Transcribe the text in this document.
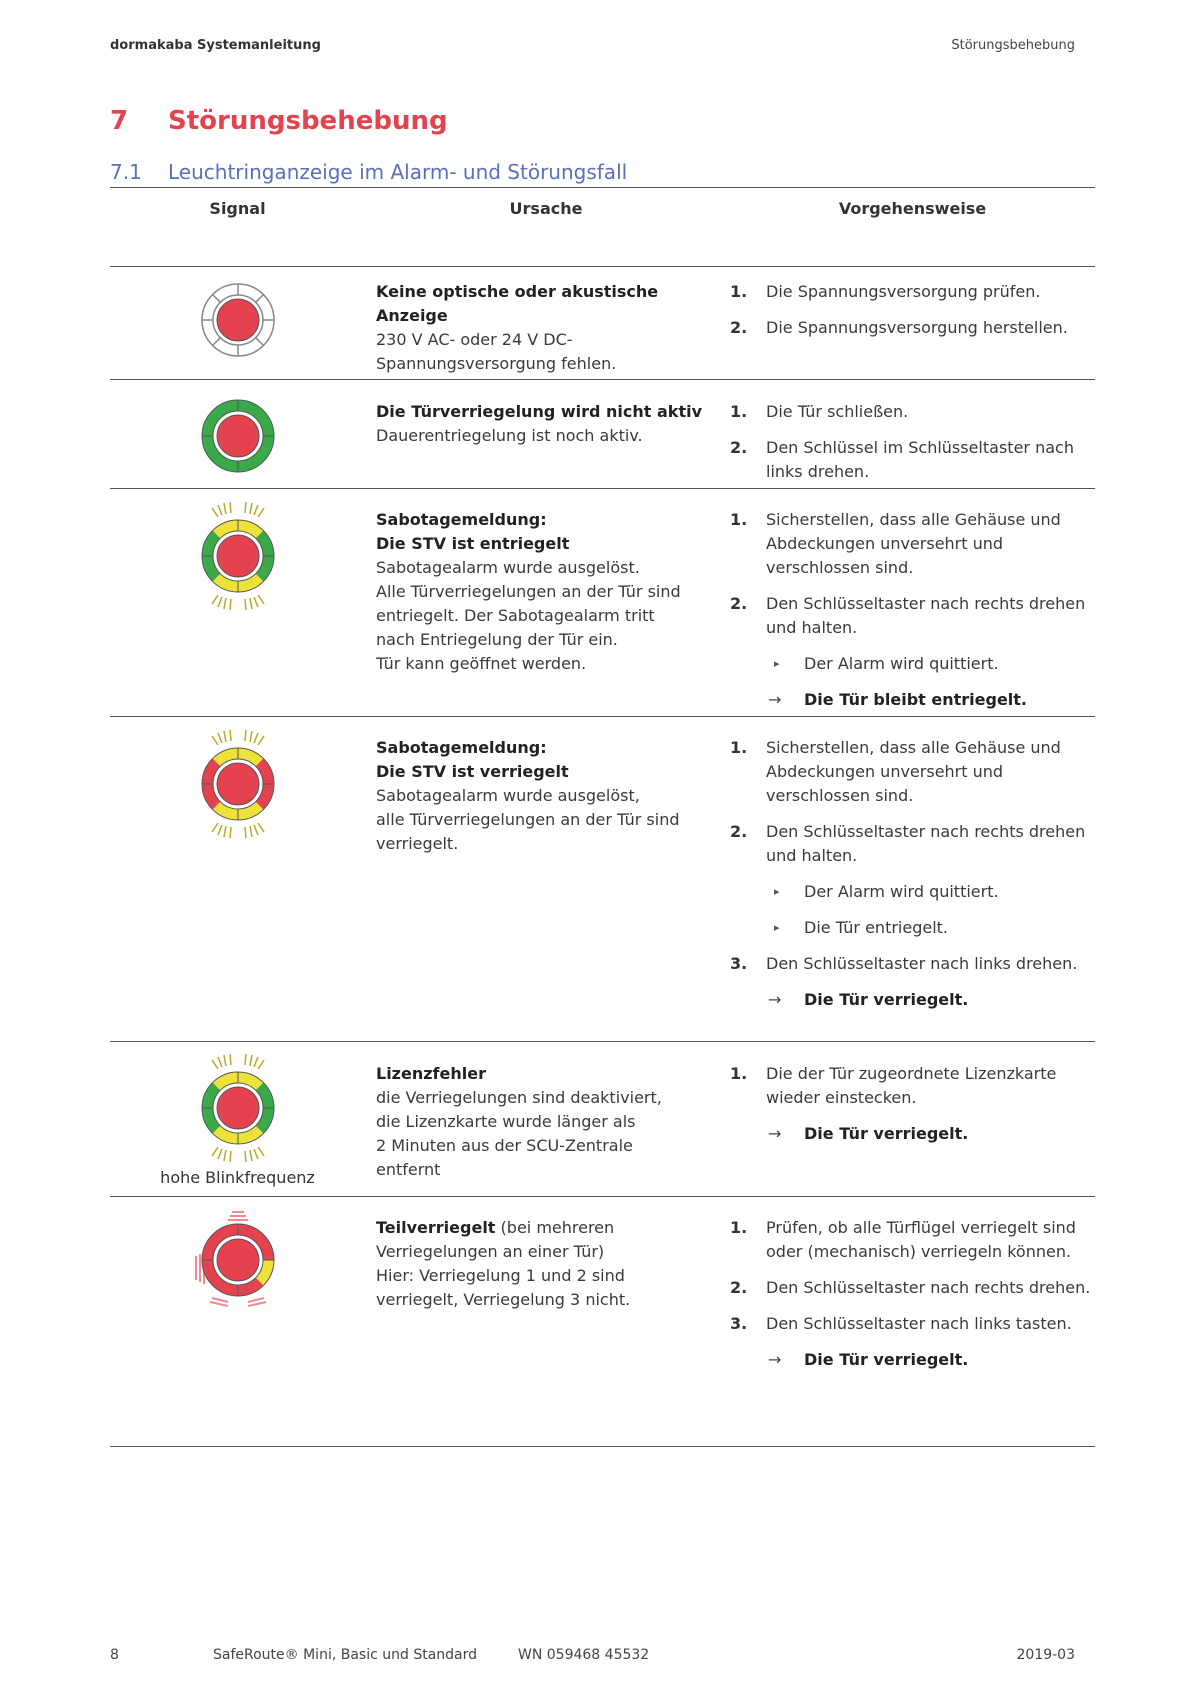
dormakaba Systemanleitung	Störungsbehebung
7 Störungsbehebung
7.1 Leuchtringanzeige im Alarm- und Störungsfall
Signal	Ursache	Vorgehensweise
Keine optische oder akustische
Anzeige
230 V AC- oder 24 V DC-
Spannungsversorgung fehlen.
1. Die Spannungsversorgung prüfen.
2. Die Spannungsversorgung herstellen.
Die Türverriegelung wird nicht aktiv
Dauerentriegelung ist noch aktiv.
1. Die Tür schließen.
2. Den Schlüssel im Schlüsseltaster nach links drehen.
Sabotagemeldung:
Die STV ist entriegelt
Sabotagealarm wurde ausgelöst.
Alle Türverriegelungen an der Tür sind
entriegelt. Der Sabotagealarm tritt
nach Entriegelung der Tür ein.
Tür kann geöffnet werden.
1. Sicherstellen, dass alle Gehäuse und Abdeckungen unversehrt und verschlossen sind.
2. Den Schlüsseltaster nach rechts drehen und halten.
▸ Der Alarm wird quittiert.
→ Die Tür bleibt entriegelt.
Sabotagemeldung:
Die STV ist verriegelt
Sabotagealarm wurde ausgelöst,
alle Türverriegelungen an der Tür sind
verriegelt.
1. Sicherstellen, dass alle Gehäuse und Abdeckungen unversehrt und verschlossen sind.
2. Den Schlüsseltaster nach rechts drehen und halten.
▸ Der Alarm wird quittiert.
▸ Die Tür entriegelt.
3. Den Schlüsseltaster nach links drehen.
→ Die Tür verriegelt.
hohe Blinkfrequenz
Lizenzfehler
die Verriegelungen sind deaktiviert,
die Lizenzkarte wurde länger als
2 Minuten aus der SCU-Zentrale
entfernt
1. Die der Tür zugeordnete Lizenzkarte wieder einstecken.
→ Die Tür verriegelt.
Teilverriegelt (bei mehreren
Verriegelungen an einer Tür)
Hier: Verriegelung 1 und 2 sind
verriegelt, Verriegelung 3 nicht.
1. Prüfen, ob alle Türflügel verriegelt sind oder (mechanisch) verriegeln können.
2. Den Schlüsseltaster nach rechts drehen.
3. Den Schlüsseltaster nach links tasten.
→ Die Tür verriegelt.
8	SafeRoute® Mini, Basic und Standard	WN 059468 45532	2019-03
